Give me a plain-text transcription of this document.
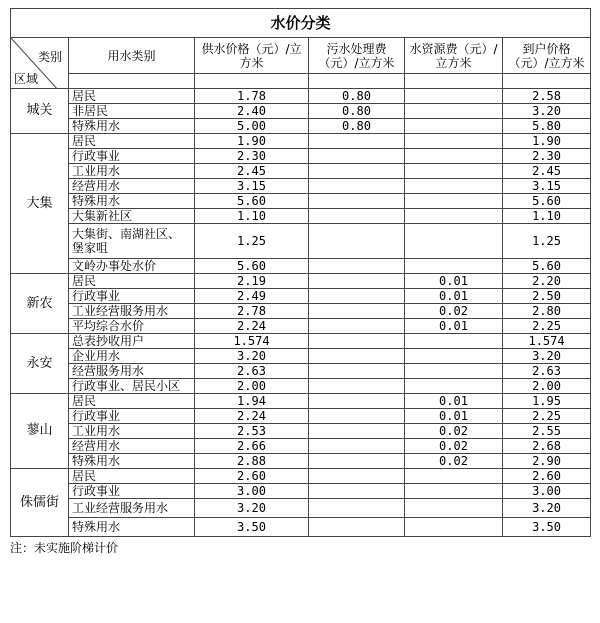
水价分类					

类别
区域	用水类别	供水价格（元）/立方米	污水处理费（元）/立方米	水资源费（元）/立方米	到户价格（元）/立方米

城关	居民	1.78	0.80		2.58
	非居民	2.40	0.80		3.20
	特殊用水	5.00	0.80		5.80
大集	居民	1.90			1.90
	行政事业	2.30			2.30
	工业用水	2.45			2.45
	经营用水	3.15			3.15
	特殊用水	5.60			5.60
	大集新社区	1.10			1.10
	大集街、南湖社区、堡家咀	1.25			1.25
	文岭办事处水价	5.60			5.60
新农	居民	2.19		0.01	2.20
	行政事业	2.49		0.01	2.50
	工业经营服务用水	2.78		0.02	2.80
	平均综合水价	2.24		0.01	2.25
永安	总表抄收用户	1.574			1.574
	企业用水	3.20			3.20
	经营服务用水	2.63			2.63
	行政事业、居民小区	2.00			2.00
蓼山	居民	1.94		0.01	1.95
	行政事业	2.24		0.01	2.25
	工业用水	2.53		0.02	2.55
	经营用水	2.66		0.02	2.68
	特殊用水	2.88		0.02	2.90
侏儒街	居民	2.60			2.60
	行政事业	3.00			3.00
	工业经营服务用水	3.20			3.20
	特殊用水	3.50			3.50
注：未实施阶梯计价
